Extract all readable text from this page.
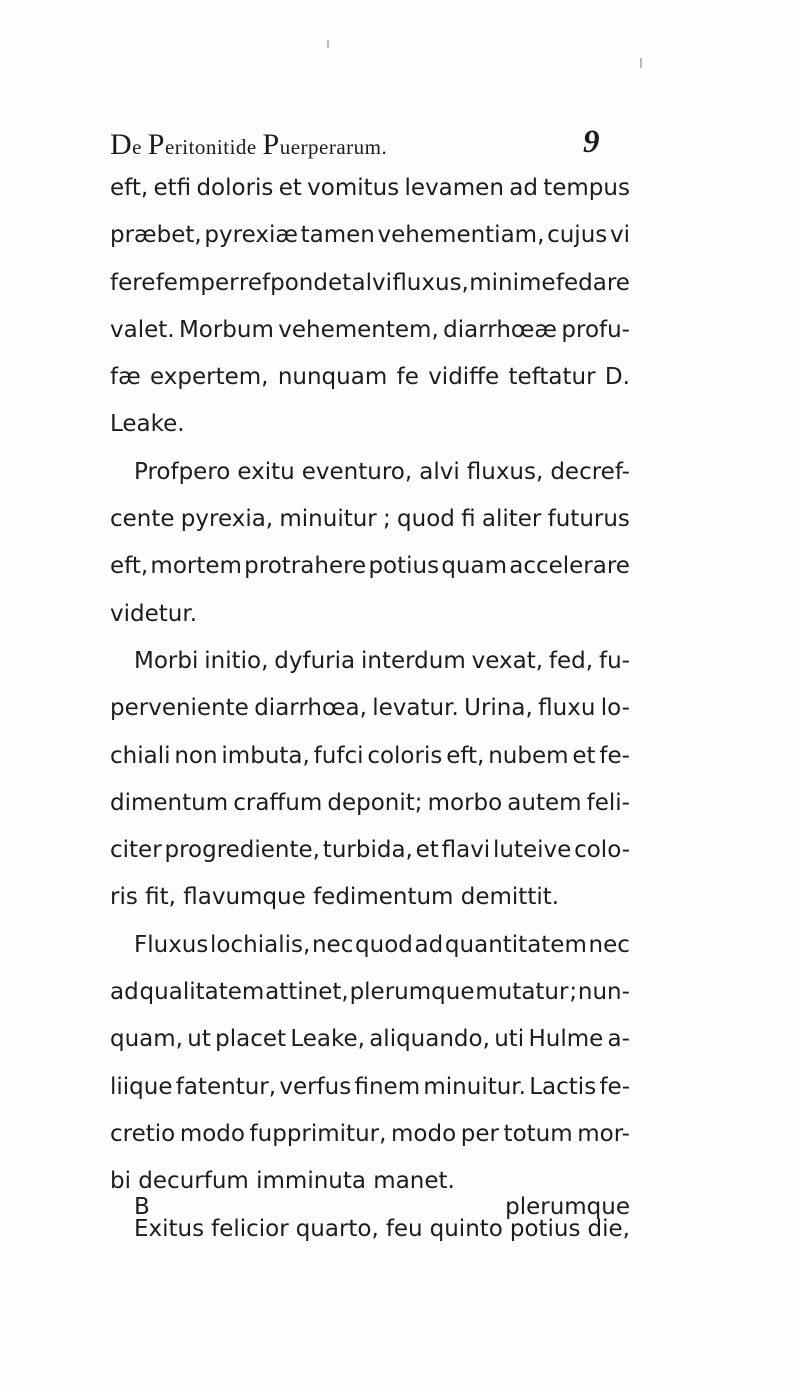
De Peritonitide Puerperarum.	9
eft, etfi doloris et vomitus levamen ad tempus
præbet, pyrexiæ tamen vehementiam, cujus vi
fere femper refpondet alvi fluxus, minime fedare
valet. Morbum vehementem, diarrhœæ profu-
fæ expertem, nunquam fe vidiffe teftatur D.
Leake.
Profpero exitu eventuro, alvi fluxus, decref-
cente pyrexia, minuitur ; quod fi aliter futurus
eft, mortem protrahere potius quam accelerare
videtur.
Morbi initio, dyfuria interdum vexat, fed, fu-
perveniente diarrhœa, levatur. Urina, fluxu lo-
chiali non imbuta, fufci coloris eft, nubem et fe-
dimentum craffum deponit; morbo autem feli-
citer progrediente, turbida, et flavi luteive colo-
ris fit, flavumque fedimentum demittit.
Fluxus lochialis, nec quod ad quantitatem nec
ad qualitatem attinet, plerumque mutatur ; nun-
quam, ut placet Leake, aliquando, uti Hulme a-
liique fatentur, verfus finem minuitur. Lactis fe-
cretio modo fupprimitur, modo per totum mor-
bi decurfum imminuta manet.
Exitus felicior quarto, feu quinto potius die,
B	plerumque
